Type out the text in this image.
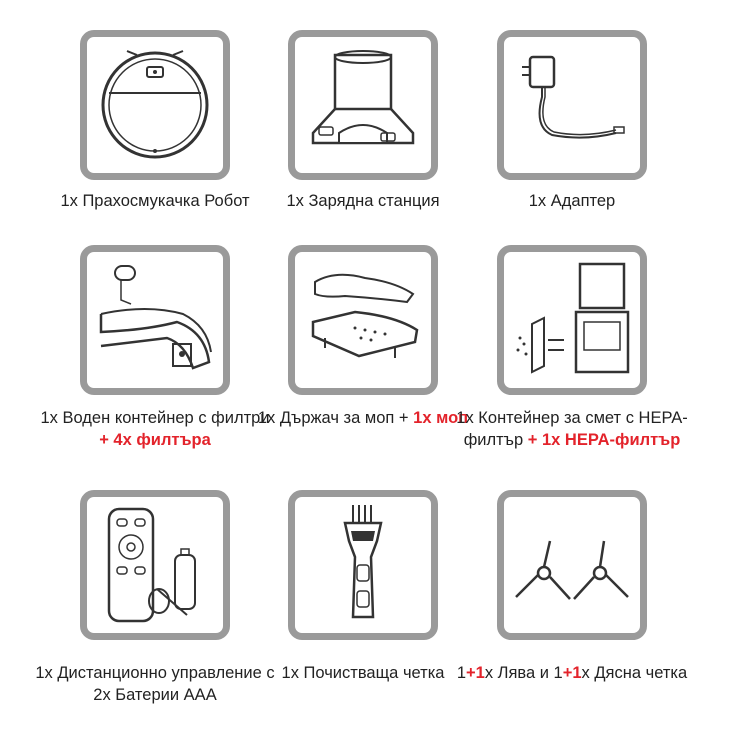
1x Прахосмукачка Робот	1x Зарядна станция	1x Адаптер
1x Воден контейнер с филтри + 4x филтъра
1x Държач за моп + 1x моп
1x Контейнер за смет с HEPA-филтър + 1x HEPA-филтър
1x Дистанционно управление с 2x Батерии ААА
1x Почистваща четка 1+1x Лява и 1+1x Дясна четка
